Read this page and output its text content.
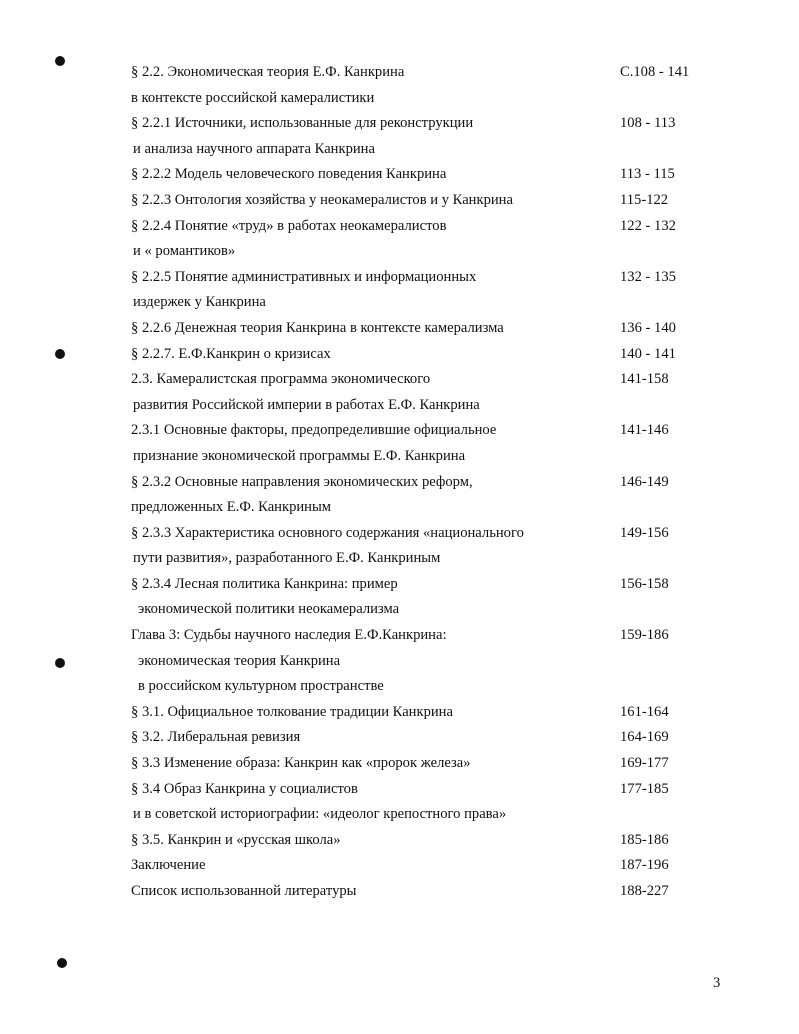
§ 2.2. Экономическая теория Е.Ф. Канкрина	С.108 - 141
в контексте российской камералистики
§ 2.2.1 Источники, использованные для реконструкции	108 - 113
и анализа научного аппарата Канкрина
§ 2.2.2 Модель человеческого поведения Канкрина	113 - 115
§ 2.2.3 Онтология хозяйства у неокамералистов и у Канкрина	115-122
§ 2.2.4 Понятие «труд» в работах неокамералистов	122 - 132
и « романтиков»
§ 2.2.5 Понятие административных и информационных	132 - 135
издержек у Канкрина
§ 2.2.6 Денежная теория Канкрина в контексте камерализма	136 - 140
§ 2.2.7. Е.Ф.Канкрин о кризисах	140 - 141
2.3. Камералистская программа экономического	141-158
развития Российской империи в работах Е.Ф. Канкрина
2.3.1 Основные факторы, предопределившие официальное	141-146
признание экономической программы Е.Ф. Канкрина
§ 2.3.2 Основные направления экономических реформ,	146-149
предложенных Е.Ф. Канкриным
§ 2.3.3 Характеристика основного содержания «национального	149-156
пути развития», разработанного Е.Ф. Канкриным
§ 2.3.4 Лесная политика Канкрина: пример	156-158
экономической политики неокамерализма
Глава 3: Судьбы научного наследия Е.Ф.Канкрина:	159-186
экономическая теория Канкрина
в российском культурном пространстве
§ 3.1. Официальное толкование традиции Канкрина	161-164
§ 3.2. Либеральная ревизия	164-169
§ 3.3 Изменение образа: Канкрин как «пророк железа»	169-177
§ 3.4 Образ Канкрина у социалистов	177-185
и в советской историографии: «идеолог крепостного права»
§ 3.5. Канкрин и «русская школа»	185-186
Заключение	187-196
Список использованной литературы	188-227
3
